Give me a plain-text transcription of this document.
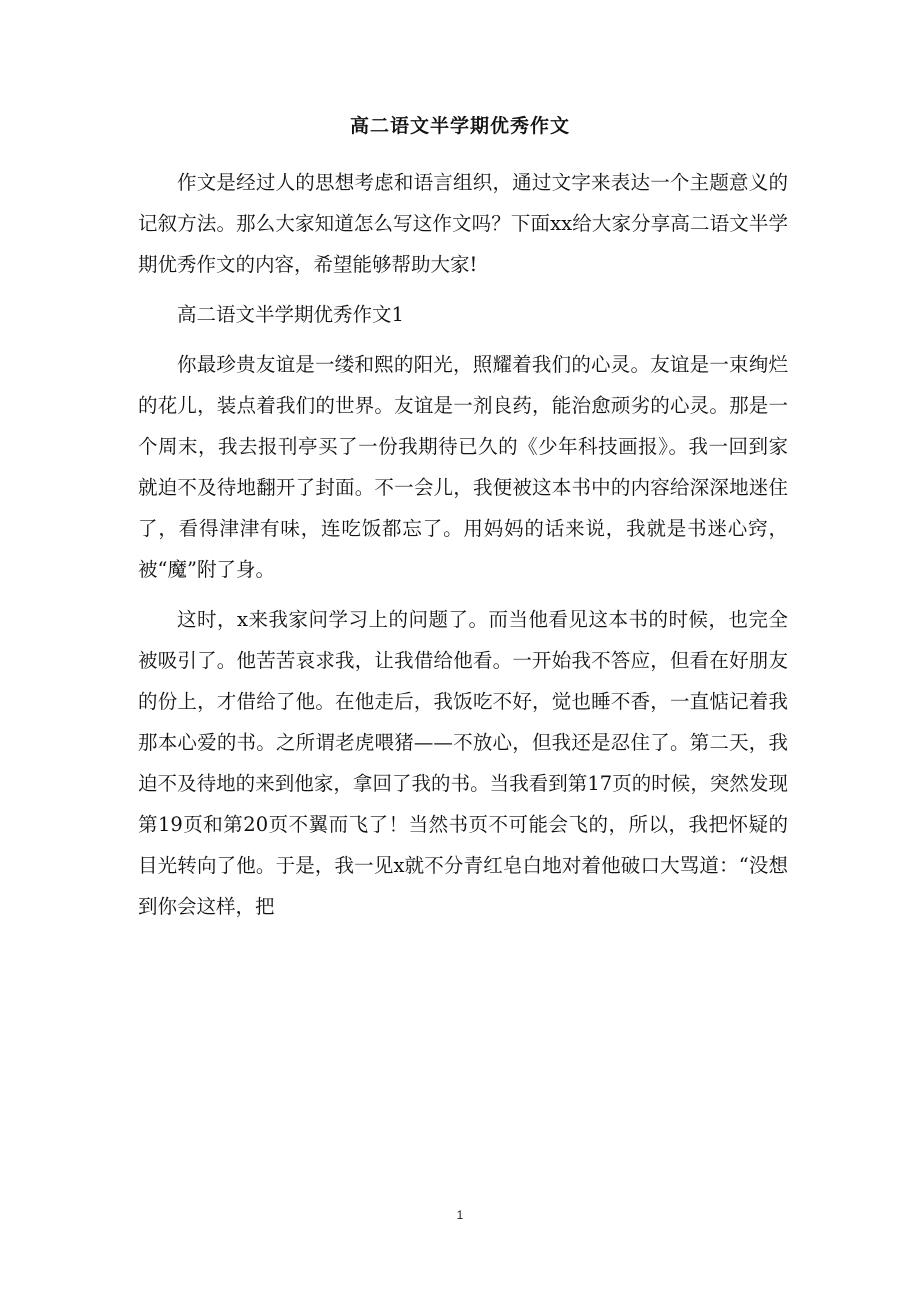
高二语文半学期优秀作文

作文是经过人的思想考虑和语言组织，通过文字来表达一个主题意义的记叙方法。那么大家知道怎么写这作文吗？下面xx给大家分享高二语文半学期优秀作文的内容，希望能够帮助大家!

高二语文半学期优秀作文1

你最珍贵友谊是一缕和熙的阳光，照耀着我们的心灵。友谊是一束绚烂的花儿，装点着我们的世界。友谊是一剂良药，能治愈顽劣的心灵。那是一个周末，我去报刊亭买了一份我期待已久的《少年科技画报》。我一回到家就迫不及待地翻开了封面。不一会儿，我便被这本书中的内容给深深地迷住了，看得津津有味，连吃饭都忘了。用妈妈的话来说，我就是书迷心窍，被“魔”附了身。

这时，x来我家问学习上的问题了。而当他看见这本书的时候，也完全被吸引了。他苦苦哀求我，让我借给他看。一开始我不答应，但看在好朋友的份上，才借给了他。在他走后，我饭吃不好，觉也睡不香，一直惦记着我那本心爱的书。之所谓老虎喂猪——不放心，但我还是忍住了。第二天，我迫不及待地的来到他家，拿回了我的书。当我看到第17页的时候，突然发现第19页和第20页不翼而飞了！当然书页不可能会飞的，所以，我把怀疑的目光转向了他。于是，我一见x就不分青红皂白地对着他破口大骂道：“没想到你会这样，把

1
